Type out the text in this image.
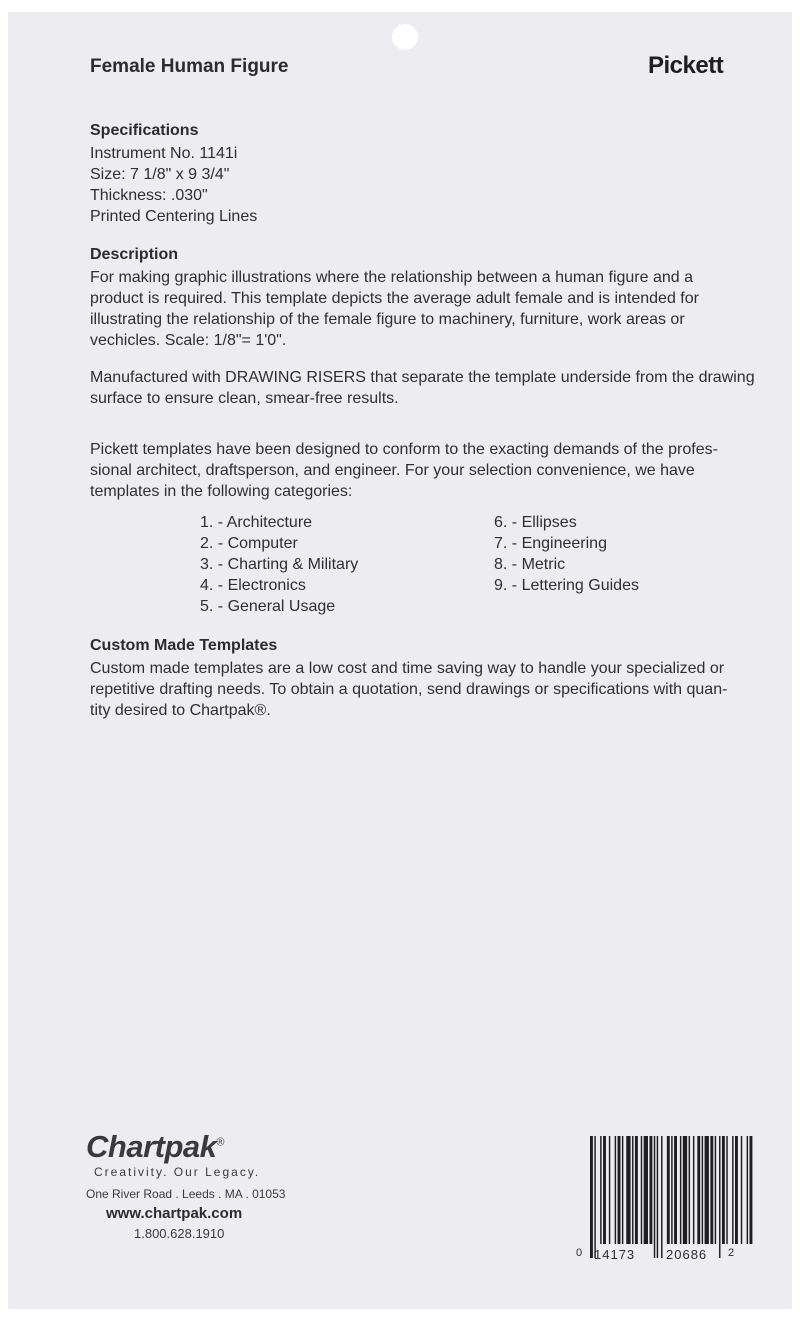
Female Human Figure	Pickett
Specifications
Instrument No. 1141i
Size: 7 1/8" x 9 3/4"
Thickness: .030"
Printed Centering Lines
Description
For making graphic illustrations where the relationship between a human figure and a
product is required. This template depicts the average adult female and is intended for
illustrating the relationship of the female figure to machinery, furniture, work areas or
vechicles. Scale: 1/8"= 1'0".
Manufactured with DRAWING RISERS that separate the template underside from the drawing
surface to ensure clean, smear-free results.
Pickett templates have been designed to conform to the exacting demands of the profes-
sional architect, draftsperson, and engineer. For your selection convenience, we have
templates in the following categories:
1. - Architecture
2. - Computer
3. - Charting & Military
4. - Electronics
5. - General Usage
6. - Ellipses
7. - Engineering
8. - Metric
9. - Lettering Guides
Custom Made Templates
Custom made templates are a low cost and time saving way to handle your specialized or
repetitive drafting needs. To obtain a quotation, send drawings or specifications with quan-
tity desired to Chartpak®.
Chartpak®
Creativity. Our Legacy.
One River Road . Leeds . MA . 01053
www.chartpak.com
1.800.628.1910
0 14173 20686 2
